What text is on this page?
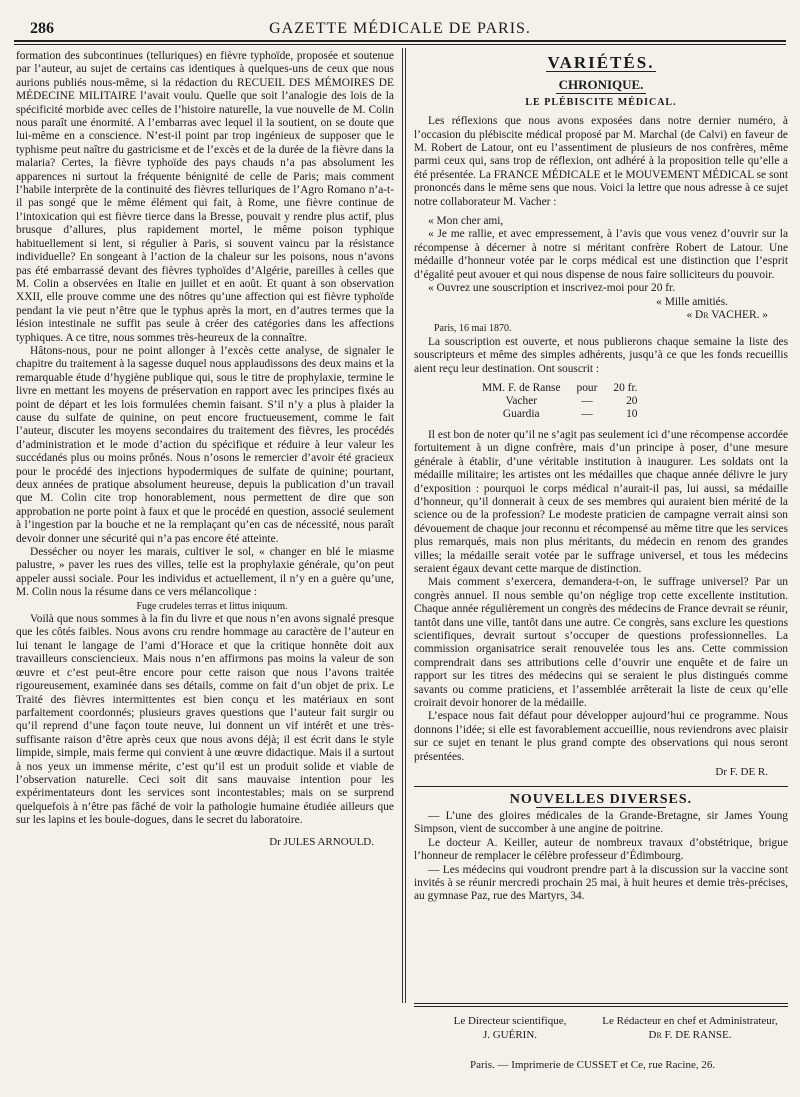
286	GAZETTE MÉDICALE DE PARIS.

formation des subcontinues (telluriques) en fièvre typhoïde, proposée et soutenue par l’auteur, au sujet de certains cas identiques à quelques-uns de ceux que nous aurions publiés nous-même, si la rédaction du RECUEIL DES MÉMOIRES DE MÉDECINE MILITAIRE l’avait voulu. Quelle que soit l’analogie des lois de la spécificité morbide avec celles de l’histoire naturelle, la vue nouvelle de M. Colin nous paraît une énormité. A l’embarras avec lequel il la soutient, on se doute que lui-même en a conscience. N’est-il point par trop ingénieux de supposer que le typhisme peut naître du gastricisme et de l’excès et de la durée de la fièvre dans la malaria? Certes, la fièvre typhoïde des pays chauds n’a pas absolument les apparences ni surtout la fréquente bénignité de celle de Paris; mais comment l’habile interprète de la continuité des fièvres telluriques de l’Agro Romano n’a-t-il pas songé que le même élément qui fait, à Rome, une fièvre continue de l’intoxication qui est fièvre tierce dans la Bresse, pouvait y rendre plus actif, plus brusque d’allures, plus rapidement mortel, le même poison typhique habituellement si lent, si régulier à Paris, si souvent vaincu par la résistance individuelle? En songeant à l’action de la chaleur sur les poisons, nous n’avons pas été embarrassé devant des fièvres typhoïdes d’Algérie, pareilles à celles que M. Colin a observées en Italie en juillet et en août. Et quant à son observation XXII, elle prouve comme une des nôtres qu’une affection qui est fièvre typhoïde pendant la vie peut n’être que le typhus après la mort, en d’autres termes que la lésion intestinale ne suffit pas seule à créer des catégories dans les affections typhiques. A ce titre, nous sommes très-heureux de la connaître.

Hâtons-nous, pour ne point allonger à l’excès cette analyse, de signaler le chapitre du traitement à la sagesse duquel nous applaudissons des deux mains et la remarquable étude d’hygiène publique qui, sous le titre de prophylaxie, termine le livre en mettant les moyens de préservation en rapport avec les principes fixés au point de départ et les lois formulées chemin faisant. S’il n’y a plus à plaider la cause du sulfate de quinine, on peut encore fructueusement, comme le fait l’auteur, discuter les moyens secondaires du traitement des fièvres, les procédés d’administration et le mode d’action du spécifique et réduire à leur valeur les succédanés plus ou moins prônés. Nous n’osons le remercier d’avoir été gracieux pour le procédé des injections hypodermiques de sulfate de quinine; pourtant, deux années de pratique absolument heureuse, depuis la publication d’un travail que M. Colin cite trop honorablement, nous permettent de dire que son approbation ne porte point à faux et que le procédé en question, associé seulement à l’ingestion par la bouche et ne la remplaçant qu’en cas de nécessité, nous paraît devoir donner une sécurité qui n’a pas encore été atteinte.

Dessécher ou noyer les marais, cultiver le sol, « changer en blé le miasme palustre, » paver les rues des villes, telle est la prophylaxie générale, qu’on peut appeler aussi sociale. Pour les individus et actuellement, il n’y en a guère qu’une, M. Colin nous la résume dans ce vers mélancolique :

Fuge crudeles terras et littus iniquum.

Voilà que nous sommes à la fin du livre et que nous n’en avons signalé presque que les côtés faibles. Nous avons cru rendre hommage au caractère de l’auteur en lui tenant le langage de l’ami d’Horace et que la critique honnête doit aux travailleurs consciencieux. Mais nous n’en affirmons pas moins la valeur de son œuvre et c’est peut-être encore pour cette raison que nous l’avons traitée rigoureusement, examinée dans ses détails, comme on fait d’un objet de prix. Le Traité des fièvres intermittentes est bien conçu et les matériaux en sont parfaitement coordonnés; plusieurs graves questions que l’auteur fait surgir ou qu’il reprend d’une façon toute neuve, lui donnent un vif intérêt et une très-suffisante raison d’être après ceux que nous avons déjà; il est écrit dans le style limpide, simple, mais ferme qui convient à une œuvre didactique. Mais il a surtout à nos yeux un immense mérite, c’est qu’il est un produit solide et viable de l’observation naturelle. Ceci soit dit sans mauvaise intention pour les expérimentateurs dont les services sont incontestables; mais on se surprend quelquefois à n’être pas fâché de voir la pathologie humaine étudiée ailleurs que sur les lapins et les boule-dogues, dans le secret du laboratoire.

Dr JULES ARNOULD.
VARIÉTÉS.
CHRONIQUE.
LE PLÉBISCITE MÉDICAL.

Les réflexions que nous avons exposées dans notre dernier numéro, à l’occasion du plébiscite médical proposé par M. Marchal (de Calvi) en faveur de M. Robert de Latour, ont eu l’assentiment de plusieurs de nos confrères, même parmi ceux qui, sans trop de réflexion, ont adhéré à la proposition telle qu’elle a été présentée. La FRANCE MÉDICALE et le MOUVEMENT MÉDICAL se sont prononcés dans le même sens que nous. Voici la lettre que nous adresse à ce sujet notre collaborateur M. Vacher :

« Mon cher ami,

« Je me rallie, et avec empressement, à l’avis que vous venez d’ouvrir sur la récompense à décerner à notre si méritant confrère Robert de Latour. Une médaille d’honneur votée par le corps médical est une distinction que l’esprit d’égalité peut avouer et qui nous dispense de nous faire solliciteurs du pouvoir.

« Ouvrez une souscription et inscrivez-moi pour 20 fr.

« Mille amitiés.

« Dr VACHER. »

Paris, 16 mai 1870.

La souscription est ouverte, et nous publierons chaque semaine la liste des souscripteurs et même des simples adhérents, jusqu’à ce que les fonds recueillis aient reçu leur destination. Ont souscrit :

MM. F. de Ranse	pour	20 fr.
Vacher	—	20
Guardia	—	10

Il est bon de noter qu’il ne s’agit pas seulement ici d’une récompense accordée fortuitement à un digne confrère, mais d’un principe à poser, d’une mesure générale à établir, d’une véritable institution à inaugurer. Les soldats ont la médaille militaire; les artistes ont les médailles que chaque année délivre le jury d’exposition : pourquoi le corps médical n’aurait-il pas, lui aussi, sa médaille d’honneur, qu’il donnerait à ceux de ses membres qui auraient bien mérité de la science ou de la profession? Le modeste praticien de campagne verrait ainsi son dévouement de chaque jour reconnu et récompensé au même titre que les services plus remarqués, mais non plus méritants, du médecin en renom des grandes villes; la médaille serait votée par le suffrage universel, et tous les médecins seraient égaux devant cette marque de distinction.

Mais comment s’exercera, demandera-t-on, le suffrage universel? Par un congrès annuel. Il nous semble qu’on néglige trop cette excellente institution. Chaque année régulièrement un congrès des médecins de France devrait se réunir, tantôt dans une ville, tantôt dans une autre. Ce congrès, sans exclure les questions scientifiques, devrait surtout s’occuper de questions professionnelles. La commission organisatrice serait renouvelée tous les ans. Cette commission comprendrait dans ses attributions celle d’ouvrir une enquête et de faire un rapport sur les titres des médecins qui se seraient le plus distingués comme savants ou comme praticiens, et l’assemblée arrêterait la liste de ceux qu’elle croirait devoir honorer de la médaille.

L’espace nous fait défaut pour développer aujourd’hui ce programme. Nous donnons l’idée; si elle est favorablement accueillie, nous reviendrons avec plaisir sur ce sujet en tenant le plus grand compte des observations qui nous seront présentées.

Dr F. DE R.
NOUVELLES DIVERSES.

— L’une des gloires médicales de la Grande-Bretagne, sir James Young Simpson, vient de succomber à une angine de poitrine.

Le docteur A. Keiller, auteur de nombreux travaux d’obstétrique, brigue l’honneur de remplacer le célèbre professeur d’Édimbourg.

— Les médecins qui voudront prendre part à la discussion sur la vaccine sont invités à se réunir mercredi prochain 25 mai, à huit heures et demie très-précises, au gymnase Paz, rue des Martyrs, 34.

Le Directeur scientifique,
J. GUÉRIN.
Le Rédacteur en chef et Administrateur,
Dr F. DE RANSE.
Paris. — Imprimerie de CUSSET et Ce, rue Racine, 26.
